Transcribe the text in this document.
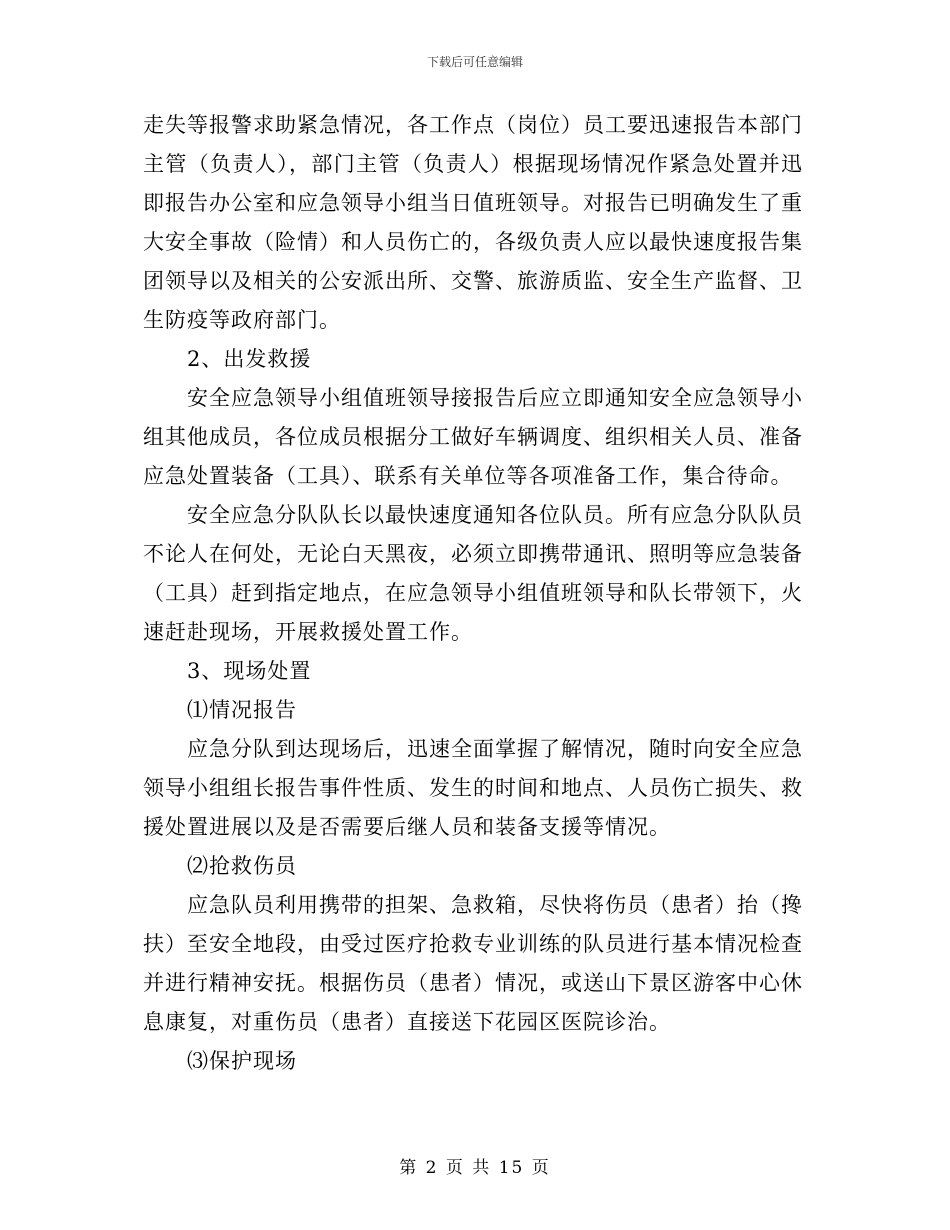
下载后可任意编辑

走失等报警求助紧急情况，各工作点（岗位）员工要迅速报告本部门主管（负责人），部门主管（负责人）根据现场情况作紧急处置并迅即报告办公室和应急领导小组当日值班领导。对报告已明确发生了重大安全事故（险情）和人员伤亡的，各级负责人应以最快速度报告集团领导以及相关的公安派出所、交警、旅游质监、安全生产监督、卫生防疫等政府部门。

2、出发救援

安全应急领导小组值班领导接报告后应立即通知安全应急领导小组其他成员，各位成员根据分工做好车辆调度、组织相关人员、准备应急处置装备（工具）、联系有关单位等各项准备工作，集合待命。

安全应急分队队长以最快速度通知各位队员。所有应急分队队员不论人在何处，无论白天黑夜，必须立即携带通讯、照明等应急装备（工具）赶到指定地点，在应急领导小组值班领导和队长带领下，火速赶赴现场，开展救援处置工作。

3、现场处置

⑴情况报告

应急分队到达现场后，迅速全面掌握了解情况，随时向安全应急领导小组组长报告事件性质、发生的时间和地点、人员伤亡损失、救援处置进展以及是否需要后继人员和装备支援等情况。

⑵抢救伤员

应急队员利用携带的担架、急救箱，尽快将伤员（患者）抬（搀扶）至安全地段，由受过医疗抢救专业训练的队员进行基本情况检查并进行精神安抚。根据伤员（患者）情况，或送山下景区游客中心休息康复，对重伤员（患者）直接送下花园区医院诊治。

⑶保护现场

第 2 页 共 15 页
